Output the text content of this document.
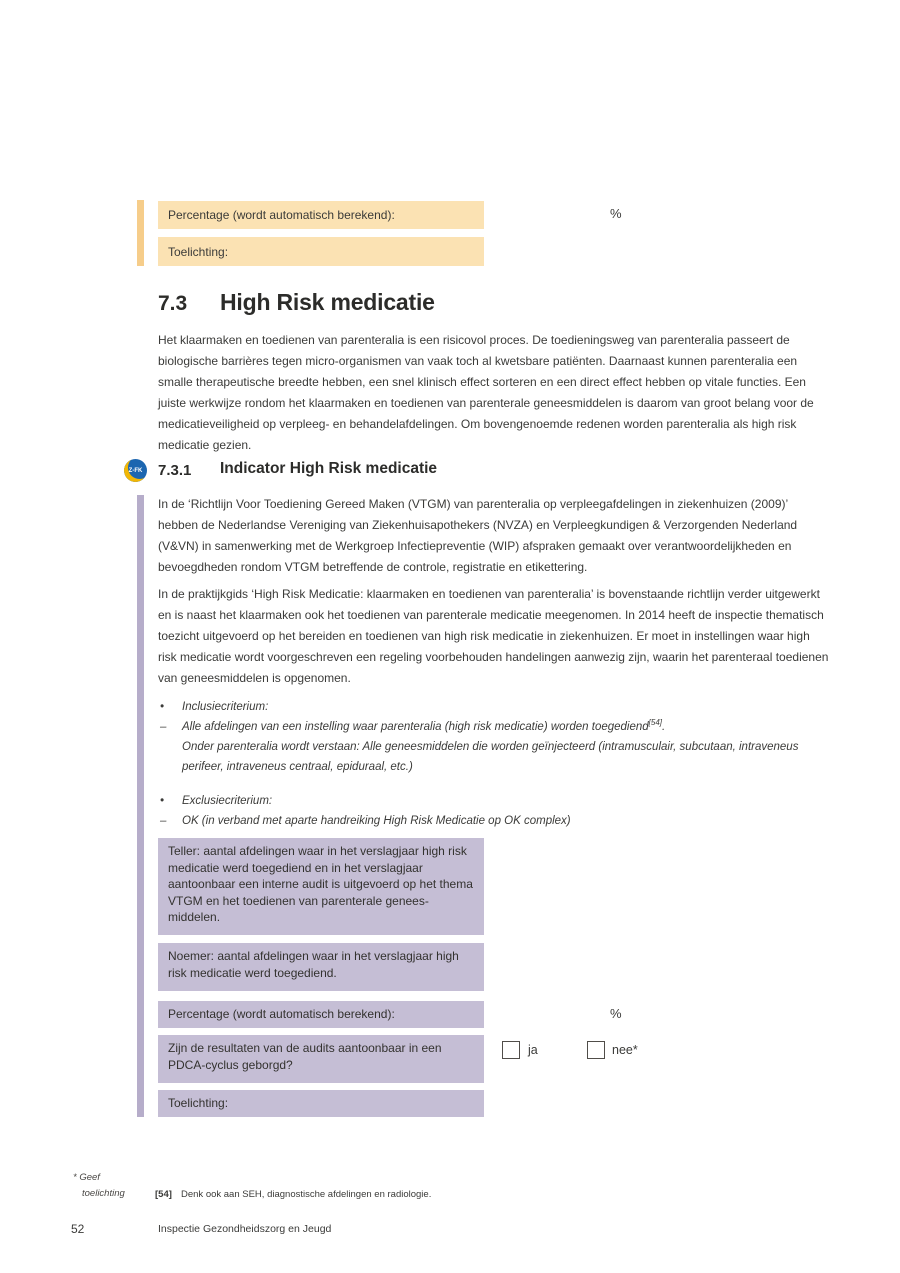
Percentage (wordt automatisch berekend):	%
Toelichting:
7.3 High Risk medicatie
Het klaarmaken en toedienen van parenteralia is een risicovol proces. De toedieningsweg van parenteralia passeert de biologische barrières tegen micro-organismen van vaak toch al kwetsbare patiënten. Daarnaast kunnen parenteralia een smalle therapeutische breedte hebben, een snel klinisch effect sorteren en een direct effect hebben op vitale functies. Een juiste werkwijze rondom het klaarmaken en toedienen van parenterale geneesmiddelen is daarom van groot belang voor de medicatieveiligheid op verpleeg- en behandelafdelingen. Om bovengenoemde redenen worden parenteralia als high risk medicatie gezien.
Z-FK	7.3.1 Indicator High Risk medicatie
In de ‘Richtlijn Voor Toediening Gereed Maken (VTGM) van parenteralia op verpleegafdelingen in ziekenhuizen (2009)’ hebben de Nederlandse Vereniging van Ziekenhuisapothekers (NVZA) en Verpleegkundigen & Verzorgenden Nederland (V&VN) in samenwerking met de Werkgroep Infectiepreventie (WIP) afspraken gemaakt over verantwoordelijkheden en bevoegdheden rondom VTGM betreffende de controle, registratie en etikettering.
In de praktijkgids ‘High Risk Medicatie: klaarmaken en toedienen van parenteralia’ is bovenstaande richtlijn verder uitgewerkt en is naast het klaarmaken ook het toedienen van parenterale medicatie meegenomen. In 2014 heeft de inspectie thematisch toezicht uitgevoerd op het bereiden en toedienen van high risk medicatie in ziekenhuizen. Er moet in instellingen waar high risk medicatie wordt voorgeschreven een regeling voorbehouden handelingen aanwezig zijn, waarin het parenteraal toedienen van geneesmiddelen is opgenomen.
• Inclusiecriterium:
– Alle afdelingen van een instelling waar parenteralia (high risk medicatie) worden toegediend[54].
Onder parenteralia wordt verstaan: Alle geneesmiddelen die worden geïnjecteerd (intramusculair, subcutaan, intraveneus perifeer, intraveneus centraal, epiduraal, etc.)
• Exclusiecriterium:
– OK (in verband met aparte handreiking High Risk Medicatie op OK complex)
Teller: aantal afdelingen waar in het verslagjaar high risk medicatie werd toegediend en in het verslagjaar aantoonbaar een interne audit is uitgevoerd op het thema VTGM en het toedienen van parenterale geneesmiddelen.
Noemer: aantal afdelingen waar in het verslagjaar high risk medicatie werd toegediend.
Percentage (wordt automatisch berekend):	%
Zijn de resultaten van de audits aantoonbaar in een PDCA-cyclus geborgd?
ja	nee*
Toelichting:
* Geef
toelichting	[54] Denk ook aan SEH, diagnostische afdelingen en radiologie.
52	Inspectie Gezondheidszorg en Jeugd
